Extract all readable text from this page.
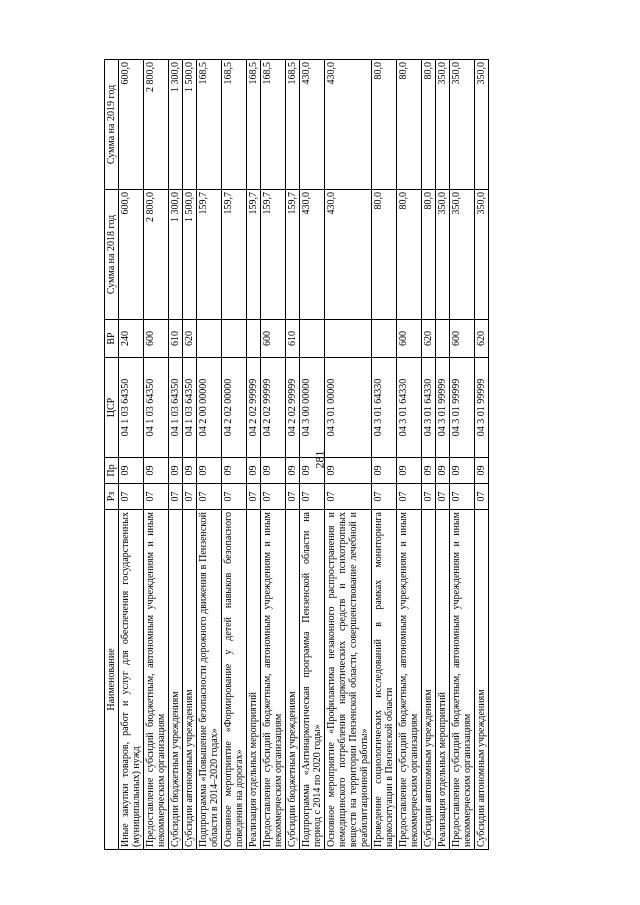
281
Наименование	Рз	Пр	ЦСР	ВР	Сумма на 2018 год	Сумма на 2019 год
Иные закупки товаров, работ и услуг для обеспечения государственных (муниципальных) нужд	07	09	04 1 03 64350	240	600,0	600,0
Предоставление субсидий бюджетным, автономным учреждениям и иным некоммерческим организациям	07	09	04 1 03 64350	600	2 800,0	2 800,0
Субсидии бюджетным учреждениям	07	09	04 1 03 64350	610	1 300,0	1 300,0
Субсидии автономным учреждениям	07	09	04 1 03 64350	620	1 500,0	1 500,0
Подпрограмма «Повышение безопасности дорожного движения в Пензенской области в 2014–2020 годах»	07	09	04 2 00 00000		159,7	168,5
Основное мероприятие «Формирование у детей навыков безопасного поведения на дорогах»	07	09	04 2 02 00000		159,7	168,5
Реализация отдельных мероприятий	07	09	04 2 02 99999		159,7	168,5
Предоставление субсидий бюджетным, автономным учреждениям и иным некоммерческим организациям	07	09	04 2 02 99999	600	159,7	168,5
Субсидии бюджетным учреждениям	07	09	04 2 02 99999	610	159,7	168,5
Подпрограмма «Антинаркотическая программа Пензенской области на период с 2014 по 2020 годы»	07	09	04 3 00 00000		430,0	430,0
Основное мероприятие «Профилактика незаконного распространения и немедицинского потребления наркотических средств и психотропных веществ на территории Пензенской области, совершенствование лечебной и реабилитационной работы»	07	09	04 3 01 00000		430,0	430,0
Проведение социологических исследований в рамках мониторинга наркоситуации в Пензенской области	07	09	04 3 01 64330		80,0	80,0
Предоставление субсидий бюджетным, автономным учреждениям и иным некоммерческим организациям	07	09	04 3 01 64330	600	80,0	80,0
Субсидии автономным учреждениям	07	09	04 3 01 64330	620	80,0	80,0
Реализация отдельных мероприятий	07	09	04 3 01 99999		350,0	350,0
Предоставление субсидий бюджетным, автономным учреждениям и иным некоммерческим организациям	07	09	04 3 01 99999	600	350,0	350,0
Субсидии автономным учреждениям	07	09	04 3 01 99999	620	350,0	350,0
